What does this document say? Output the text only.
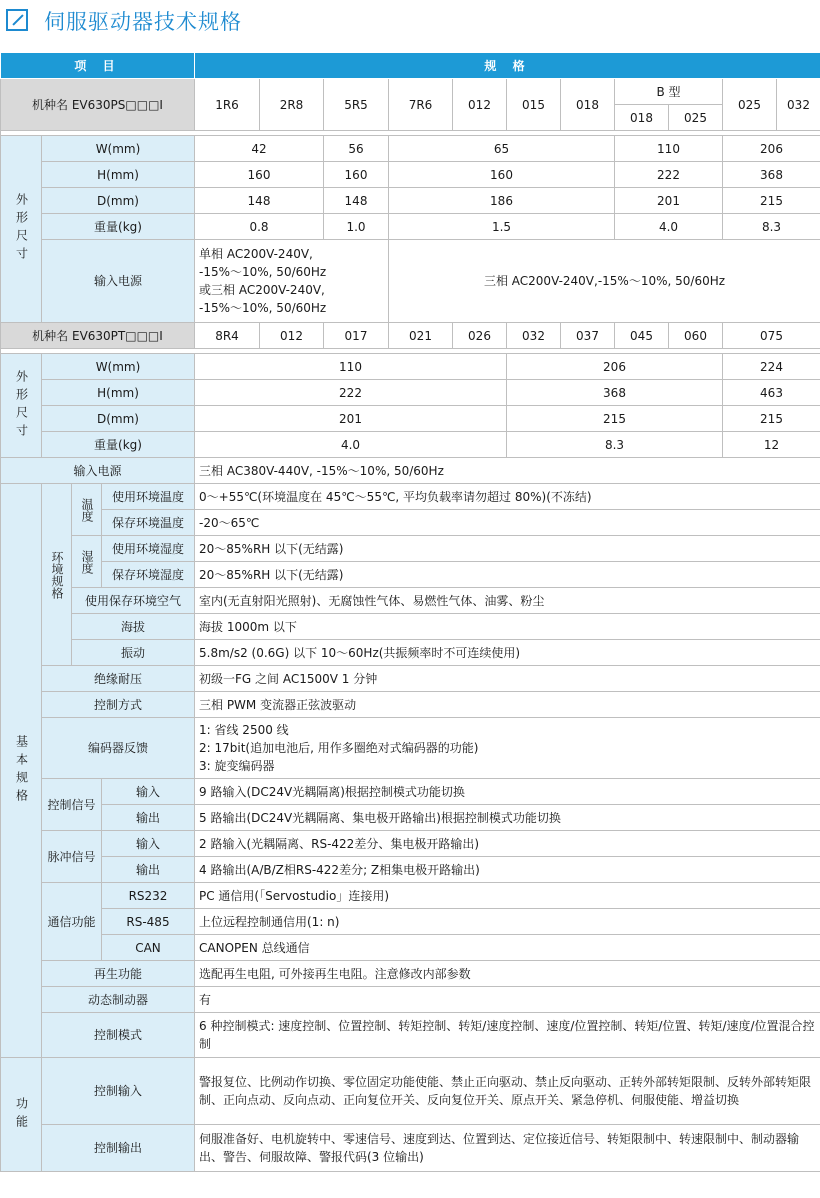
伺服驱动器技术规格
项 目				规 格										
机种名 EV630PS□□□I				1R6	2R8	5R5	7R6	012	015	018	B 型		025	032
											018	025		

外形尺寸	W(mm)			42		56	65				110		206	
	H(mm)			160		160	160				222		368	
	D(mm)			148		148	186				201		215	
	重量(kg)			0.8		1.0	1.5				4.0		8.3	
	输入电源			单相 AC200V-240V,
-15%～10%, 50/60Hz
或三相 AC200V-240V,
-15%～10%, 50/60Hz			三相 AC200V-240V,-15%～10%, 50/60Hz							
机种名 EV630PT□□□I				8R4	012	017	021	026	032	037	045	060	075	

外形尺寸	W(mm)			110					206				224	
	H(mm)			222					368				463	
	D(mm)			201					215				215	
	重量(kg)			4.0					8.3				12	
输入电源				三相 AC380V-440V, -15%～10%, 50/60Hz										
基本规格	环境规格	温度	使用环境温度	0～+55℃(环境温度在 45℃～55℃, 平均负载率请勿超过 80%)(不冻结)										
			保存环境温度	-20～65℃										
		湿度	使用环境湿度	20～85%RH 以下(无结露)										
			保存环境湿度	20～85%RH 以下(无结露)										
		使用保存环境空气		室内(无直射阳光照射)、无腐蚀性气体、易燃性气体、油雾、粉尘										
		海拔		海拔 1000m 以下										
		振动		5.8m/s2 (0.6G) 以下 10～60Hz(共振频率时不可连续使用)										
	绝缘耐压			初级一FG 之间 AC1500V 1 分钟										
	控制方式			三相 PWM 变流器正弦波驱动										
	编码器反馈			1: 省线 2500 线
2: 17bit(追加电池后, 用作多圈绝对式编码器的功能)
3: 旋变编码器										

	控制信号		输入	9 路输入(DC24V光耦隔离)根据控制模式功能切换										
			输出	5 路输出(DC24V光耦隔离、集电极开路输出)根据控制模式功能切换										
	脉冲信号		输入	2 路输入(光耦隔离、RS-422差分、集电极开路输出)										
			输出	4 路输出(A/B/Z相RS-422差分; Z相集电极开路输出)										
	通信功能		RS232	PC 通信用(「Servostudio」连接用)										
			RS-485	上位远程控制通信用(1: n)										
			CAN	CANOPEN 总线通信										
	再生功能			选配再生电阻, 可外接再生电阻。注意修改内部参数										
	动态制动器			有										
	控制模式			6 种控制模式: 速度控制、位置控制、转矩控制、转矩/速度控制、速度/位置控制、转矩/位置、转矩/速度/位置混合控制										
功能	控制输入			警报复位、比例动作切换、零位固定功能使能、禁止正向驱动、禁止反向驱动、正转外部转矩限制、反转外部转矩限制、正向点动、反向点动、正向复位开关、反向复位开关、原点开关、紧急停机、伺服使能、增益切换										
	控制输出			伺服准备好、电机旋转中、零速信号、速度到达、位置到达、定位接近信号、转矩限制中、转速限制中、制动器输出、警告、伺服故障、警报代码(3 位输出)										
